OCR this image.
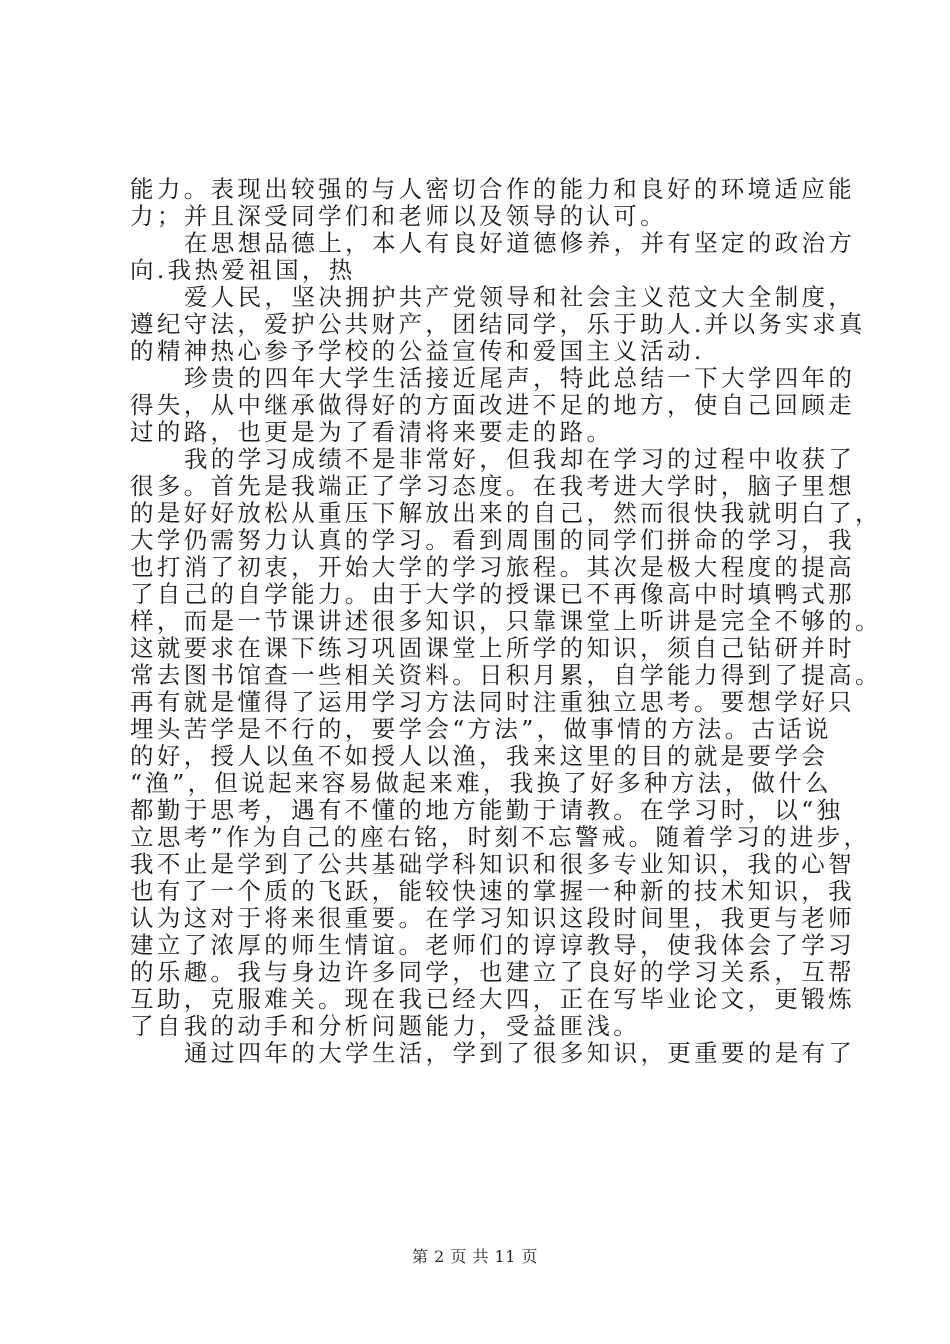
能力。表现出较强的与人密切合作的能力和良好的环境适应能
力；并且深受同学们和老师以及领导的认可。
在思想品德上，本人有良好道德修养，并有坚定的政治方
向.我热爱祖国，热
爱人民，坚决拥护共产党领导和社会主义范文大全制度，
遵纪守法，爱护公共财产，团结同学，乐于助人.并以务实求真
的精神热心参予学校的公益宣传和爱国主义活动.
珍贵的四年大学生活接近尾声，特此总结一下大学四年的
得失，从中继承做得好的方面改进不足的地方，使自己回顾走
过的路，也更是为了看清将来要走的路。
我的学习成绩不是非常好，但我却在学习的过程中收获了
很多。首先是我端正了学习态度。在我考进大学时，脑子里想
的是好好放松从重压下解放出来的自己，然而很快我就明白了，
大学仍需努力认真的学习。看到周围的同学们拼命的学习，我
也打消了初衷，开始大学的学习旅程。其次是极大程度的提高
了自己的自学能力。由于大学的授课已不再像高中时填鸭式那
样，而是一节课讲述很多知识，只靠课堂上听讲是完全不够的。
这就要求在课下练习巩固课堂上所学的知识，须自己钻研并时
常去图书馆查一些相关资料。日积月累，自学能力得到了提高。
再有就是懂得了运用学习方法同时注重独立思考。要想学好只
埋头苦学是不行的，要学会“方法”，做事情的方法。古话说
的好，授人以鱼不如授人以渔，我来这里的目的就是要学会
“渔”，但说起来容易做起来难，我换了好多种方法，做什么
都勤于思考，遇有不懂的地方能勤于请教。在学习时，以“独
立思考”作为自己的座右铭，时刻不忘警戒。随着学习的进步，
我不止是学到了公共基础学科知识和很多专业知识，我的心智
也有了一个质的飞跃，能较快速的掌握一种新的技术知识，我
认为这对于将来很重要。在学习知识这段时间里，我更与老师
建立了浓厚的师生情谊。老师们的谆谆教导，使我体会了学习
的乐趣。我与身边许多同学，也建立了良好的学习关系，互帮
互助，克服难关。现在我已经大四，正在写毕业论文，更锻炼
了自我的动手和分析问题能力，受益匪浅。
通过四年的大学生活，学到了很多知识，更重要的是有了
第 2 页 共 11 页
